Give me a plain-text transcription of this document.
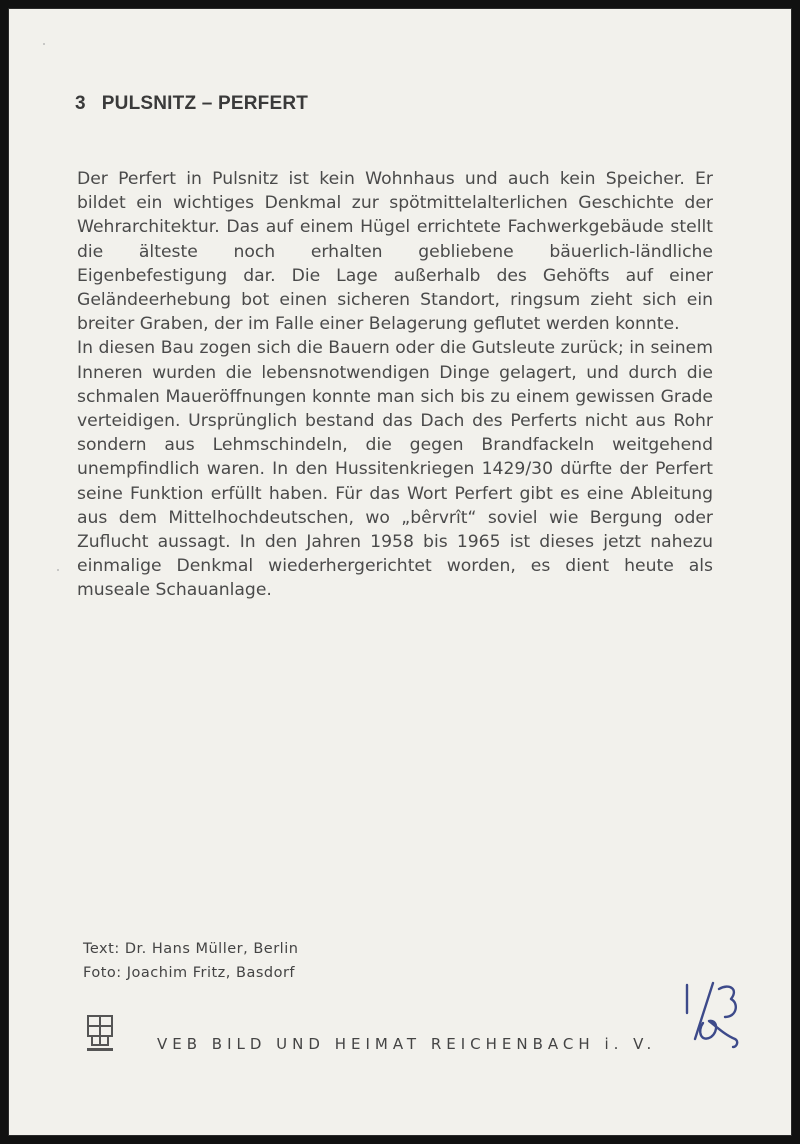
3 PULSNITZ – PERFERT

Der Perfert in Pulsnitz ist kein Wohnhaus und auch kein Speicher. Er bildet ein wichtiges Denkmal zur spötmittelalterlichen Geschichte der Wehrarchitektur. Das auf einem Hügel errichtete Fachwerkgebäude stellt die älteste noch erhalten gebliebene bäuerlich-ländliche Eigenbefestigung dar. Die Lage außerhalb des Gehöfts auf einer Geländeerhebung bot einen sicheren Standort, ringsum zieht sich ein breiter Graben, der im Falle einer Belagerung geflutet werden konnte.

In diesen Bau zogen sich die Bauern oder die Gutsleute zurück; in seinem Inneren wurden die lebensnotwendigen Dinge gelagert, und durch die schmalen Maueröffnungen konnte man sich bis zu einem gewissen Grade verteidigen. Ursprünglich bestand das Dach des Perferts nicht aus Rohr sondern aus Lehmschindeln, die gegen Brandfackeln weitgehend unempfindlich waren. In den Hussitenkriegen 1429/30 dürfte der Perfert seine Funktion erfüllt haben. Für das Wort Perfert gibt es eine Ableitung aus dem Mittelhochdeutschen, wo „bêrvrît“ soviel wie Bergung oder Zuflucht aussagt. In den Jahren 1958 bis 1965 ist dieses jetzt nahezu einmalige Denkmal wiederhergerichtet worden, es dient heute als museale Schauanlage.

Text: Dr. Hans Müller, Berlin
Foto: Joachim Fritz, Basdorf
VEB BILD UND HEIMAT REICHENBACH i. V.
